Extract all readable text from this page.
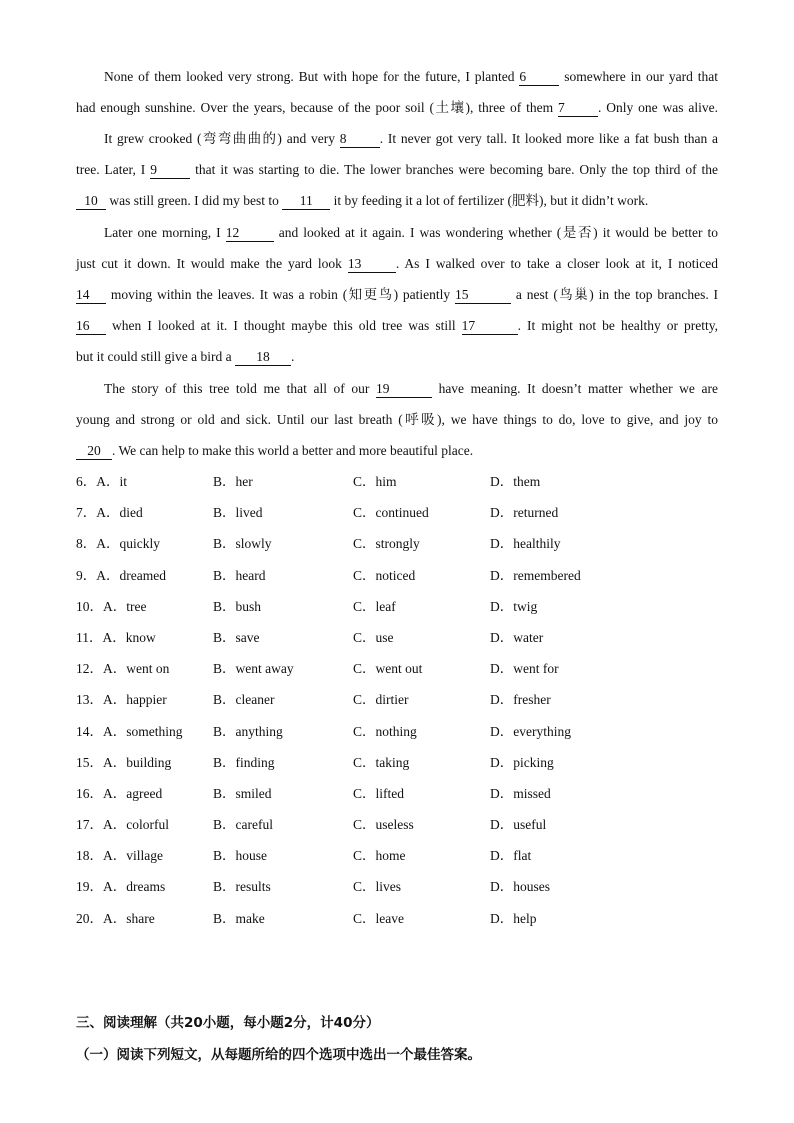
None of them looked very strong. But with hope for the future, I planted 6	somewhere in our yard that
had enough sunshine. Over the years, because of the poor soil (土壤), three of them 7 . Only one was alive.
It grew crooked (弯弯曲曲的) and very 8 . It never got very tall. It looked more like a fat bush than a
tree. Later, I 9	that it was starting to die. The lower branches were becoming bare. Only the top third of the
10 was still green. I did my best to 11 it by feeding it a lot of fertilizer (肥料), but it didn’t work.
Later one morning, I 12	and looked at it again. I was wondering whether (是否) it would be better to
just cut it down. It would make the yard look 13	. As I walked over to take a closer look at it, I noticed
14 moving within the leaves. It was a robin (知更鸟) patiently 15	a nest (鸟巢) in the top branches. I
16 when I looked at it. I thought maybe this old tree was still 17	. It might not be healthy or pretty,
but it could still give a bird a 18 .
The story of this tree told me that all of our 19	have meaning. It doesn’t matter whether we are
young and strong or old and sick. Until our last breath (呼吸), we have things to do, love to give, and joy to
20 . We can help to make this world a better and more beautiful place.
6．A．it	B．her	C．him	D．them
7．A．died	B．lived	C．continued	D．returned
8．A．quickly	B．slowly	C．strongly	D．healthily
9．A．dreamed	B．heard	C．noticed	D．remembered
10．A．tree	B．bush	C．leaf	D．twig
11．A．know	B．save	C．use	D．water
12．A．went on	B．went away	C．went out	D．went for
13．A．happier	B．cleaner	C．dirtier	D．fresher
14．A．something B．anything	C．nothing	D．everything
15．A．building	B．finding	C．taking	D．picking
16．A．agreed	B．smiled	C．lifted	D．missed
17．A．colorful	B．careful	C．useless	D．useful
18．A．village	B．house	C．home	D．flat
19．A．dreams	B．results	C．lives	D．houses
20．A．share	B．make	C．leave	D．help
三、阅读理解（共20小题，每小题2分，计40分）
（一）阅读下列短文，从每题所给的四个选项中选出一个最佳答案。
